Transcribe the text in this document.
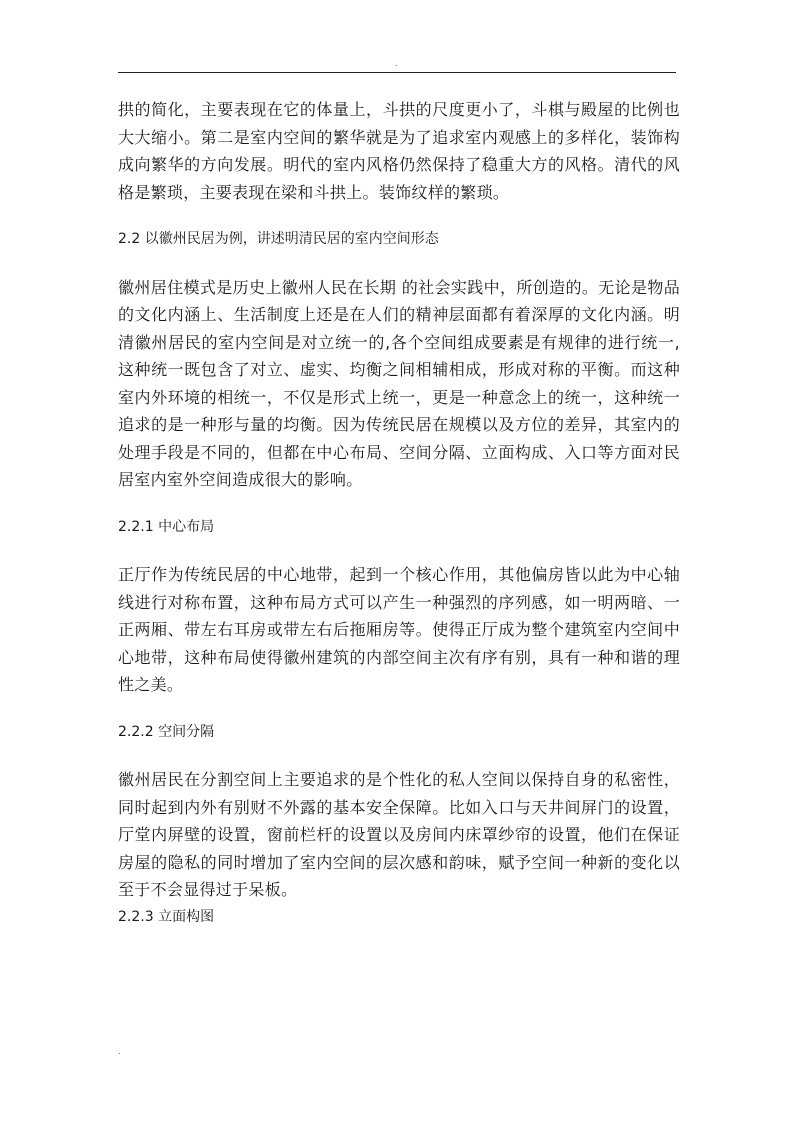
.

拱的简化，主要表现在它的体量上，斗拱的尺度更小了，斗棋与殿屋的比例也大大缩小。第二是室内空间的繁华就是为了追求室内观感上的多样化，装饰构成向繁华的方向发展。明代的室内风格仍然保持了稳重大方的风格。清代的风格是繁琐，主要表现在梁和斗拱上。装饰纹样的繁琐。

2.2 以徽州民居为例，讲述明清民居的室内空间形态

徽州居住模式是历史上徽州人民在长期 的社会实践中，所创造的。无论是物品的文化内涵上、生活制度上还是在人们的精神层面都有着深厚的文化内涵。明清徽州居民的室内空间是对立统一的,各个空间组成要素是有规律的进行统一,这种统一既包含了对立、虚实、均衡之间相辅相成，形成对称的平衡。而这种室内外环境的相统一，不仅是形式上统一，更是一种意念上的统一，这种统一追求的是一种形与量的均衡。因为传统民居在规模以及方位的差异，其室内的处理手段是不同的，但都在中心布局、空间分隔、立面构成、入口等方面对民居室内室外空间造成很大的影响。

2.2.1 中心布局

正厅作为传统民居的中心地带，起到一个核心作用，其他偏房皆以此为中心轴线进行对称布置，这种布局方式可以产生一种强烈的序列感，如一明两暗、一正两厢、带左右耳房或带左右后拖厢房等。使得正厅成为整个建筑室内空间中心地带，这种布局使得徽州建筑的内部空间主次有序有别，具有一种和谐的理性之美。

2.2.2 空间分隔

徽州居民在分割空间上主要追求的是个性化的私人空间以保持自身的私密性，同时起到内外有别财不外露的基本安全保障。比如入口与天井间屏门的设置，厅堂内屏壁的设置，窗前栏杆的设置以及房间内床罩纱帘的设置，他们在保证房屋的隐私的同时增加了室内空间的层次感和韵味，赋予空间一种新的变化以至于不会显得过于呆板。

2.2.3 立面构图

.
